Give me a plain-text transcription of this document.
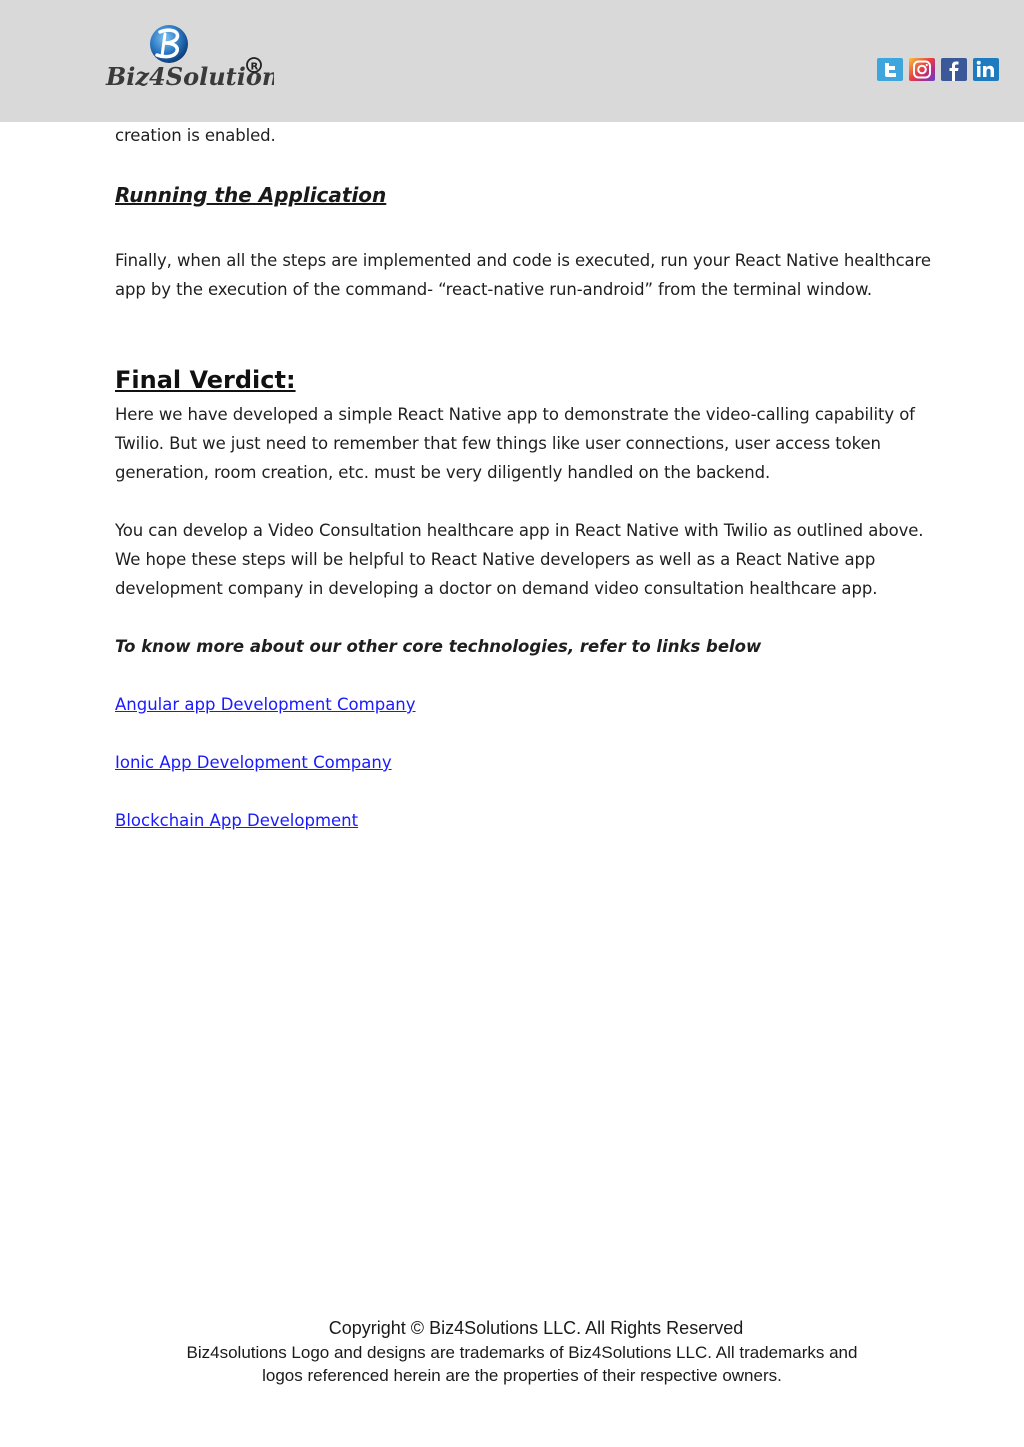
Biz4Solutio
R

creation is enabled.

Running the Application

Finally, when all the steps are implemented and code is executed, run your React Native healthcare app by the execution of the command- “react-native run-android” from the terminal window.

Final Verdict:

Here we have developed a simple React Native app to demonstrate the video-calling capability of Twilio. But we just need to remember that few things like user connections, user access token generation, room creation, etc. must be very diligently handled on the backend.

You can develop a Video Consultation healthcare app in React Native with Twilio as outlined above. We hope these steps will be helpful to React Native developers as well as a React Native app development company in developing a doctor on demand video consultation healthcare app.

To know more about our other core technologies, refer to links below

Angular app Development Company
Ionic App Development Company
Blockchain App Development
Copyright © Biz4Solutions LLC. All Rights Reserved
Biz4solutions Logo and designs are trademarks of Biz4Solutions LLC. All trademarks and
logos referenced herein are the properties of their respective owners.
